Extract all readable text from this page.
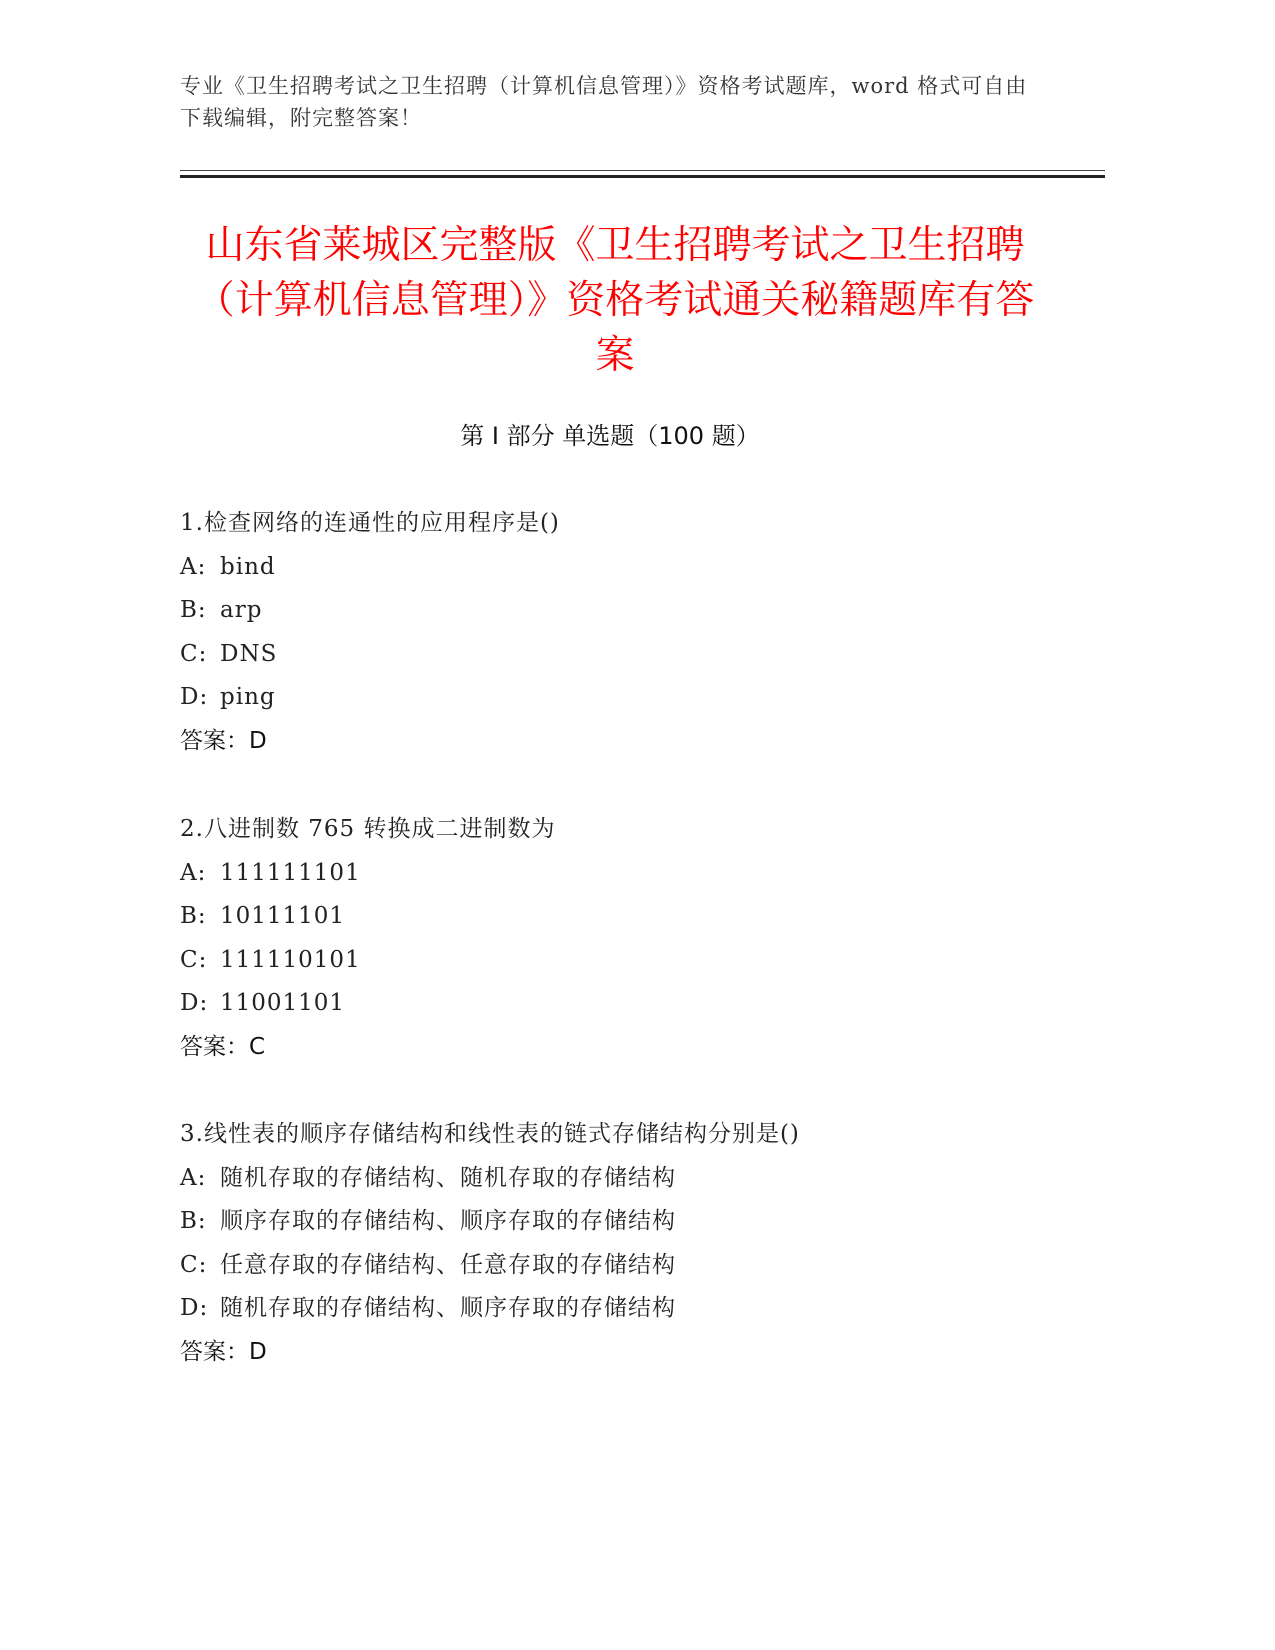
专业《卫生招聘考试之卫生招聘（计算机信息管理）》资格考试题库，word 格式可自由下载编辑，附完整答案！
山东省莱城区完整版《卫生招聘考试之卫生招聘（计算机信息管理）》资格考试通关秘籍题库有答案
第 I 部分 单选题（100 题）
1.检查网络的连通性的应用程序是()
A: bind
B: arp
C: DNS
D: ping
答案：D
2.八进制数 765 转换成二进制数为
A: 111111101
B: 10111101
C: 111110101
D: 11001101
答案：C
3.线性表的顺序存储结构和线性表的链式存储结构分别是()
A: 随机存取的存储结构、随机存取的存储结构
B: 顺序存取的存储结构、顺序存取的存储结构
C: 任意存取的存储结构、任意存取的存储结构
D: 随机存取的存储结构、顺序存取的存储结构
答案：D
